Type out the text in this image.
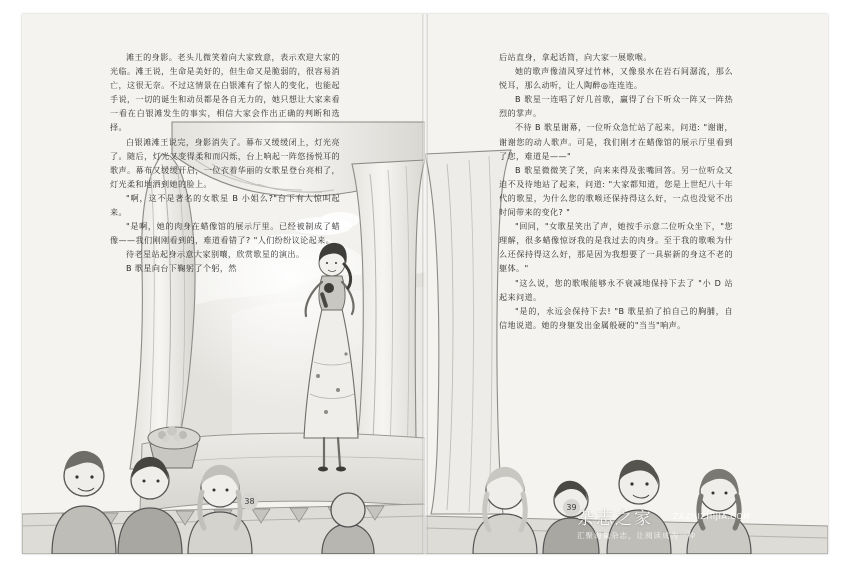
滩王的身影。老头儿微笑着向大家致意，表示欢迎大家的光临。滩王说，生命是美好的，但生命又是脆弱的，很容易消亡，这很无奈。不过这情景在白银滩有了惊人的变化，也能起手说，一切的诞生和动员都是各自无力的，她只想让大家来看一看在白银滩发生的事实，相信大家会作出正确的判断和选择。

白银滩滩王说完，身影消失了。幕布又缓缓闭上，灯光亮了。随后，灯光又变得柔和而闪烁，台上响起一阵悠扬悦耳的歌声。幕布又缓缓开启，一位衣着华丽的女歌星登台亮相了，灯光柔和地洒到她的脸上。

"啊，这不是著名的女歌星 B 小姐么?"台下有人惊叫起来。

"是啊，她的肉身在蜡像馆的展示厅里。已经被制成了蜡像——我们刚刚看到的，难道看错了? "人们纷纷议论起来。

待老星站起身示意大家别嚷，欣赏歌星的演出。

B 歌星向台下鞠躬了个躬，然

38

后站直身，拿起话筒，向大家一展歌喉。

她的歌声像清风穿过竹林，又像泉水在岩石间潺流，那么悦耳，那么动听，让人陶醉◎连连连。

B 歌星一连唱了好几首歌，赢得了台下听众一阵又一阵热烈的掌声。

不待 B 歌星谢幕，一位听众急忙站了起来，问道: "谢谢，谢谢您的动人歌声。可是，我们刚才在蜡像馆的展示厅里看到了您，难道是——"

B 歌星微微笑了笑，向来来得及张嘴回答。另一位听众又迫不及待地站了起来，问道: "大家都知道，您是上世纪八十年代的歌星，为什么您的歌喉还保持得这么好，一点也没觉不出时间带来的变化? "

"回同，"女歌星笑出了声，她按手示意二位听众坐下，"您理解，很多蜡像惊讶我的是我过去的肉身。至于我的歌喉为什么还保持得这么好，那是因为我想要了一具崭新的身这不老的躯体。"

"这么说，您的歌喉能够永不衰减地保持下去了 "小 D 站起来问道。

"是的，永远会保持下去! "B 歌星拍了拍自己的胸脯，自信地说道。她的身躯发出金属般硬的"当当"响声。

39
杂志之家	ZAZHIZHIJIA.COM
汇聚海量杂志，让阅读成为一种
